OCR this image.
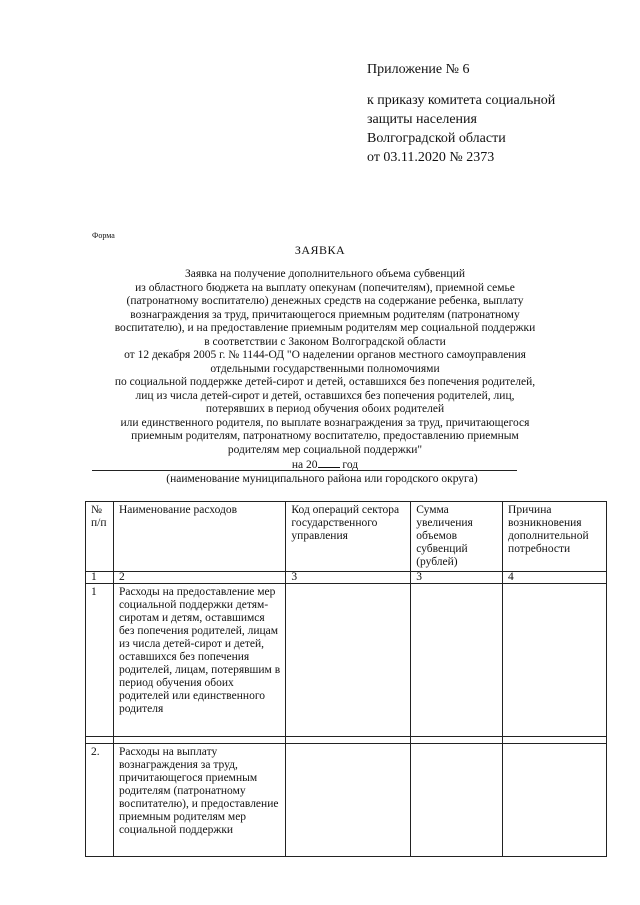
Приложение № 6
к приказу комитета социальной
защиты населения
Волгоградской области
от 03.11.2020 № 2373
Форма
ЗАЯВКА
Заявка на получение дополнительного объема субвенций
из областного бюджета на выплату опекунам (попечителям), приемной семье
(патронатному воспитателю) денежных средств на содержание ребенка, выплату
вознаграждения за труд, причитающегося приемным родителям (патронатному
воспитателю), и на предоставление приемным родителям мер социальной поддержки
в соответствии с Законом Волгоградской области
от 12 декабря 2005 г. № 1144-ОД "О наделении органов местного самоуправления
отдельными государственными полномочиями
по социальной поддержке детей-сирот и детей, оставшихся без попечения родителей,
лиц из числа детей-сирот и детей, оставшихся без попечения родителей, лиц,
потерявших в период обучения обоих родителей
или единственного родителя, по выплате вознаграждения за труд, причитающегося
приемным родителям, патронатному воспитателю, предоставлению приемным
родителям мер социальной поддержки"
на 20 год
(наименование муниципального района или городского округа)
№ п/п	Наименование расходов	Код операций сектора государственного управления	Сумма увеличения объемов субвенций (рублей)	Причина возникновения дополнительной потребности
1	2	3	3	4
1	Расходы на предоставление мер социальной поддержки детям-сиротам и детям, оставшимся без попечения родителей, лицам из числа детей-сирот и детей, оставшихся без попечения родителей, лицам, потерявшим в период обучения обоих родителей или единственного родителя			

2.	Расходы на выплату вознаграждения за труд, причитающегося приемным родителям (патронатному воспитателю), и предоставление приемным родителям мер социальной поддержки			
